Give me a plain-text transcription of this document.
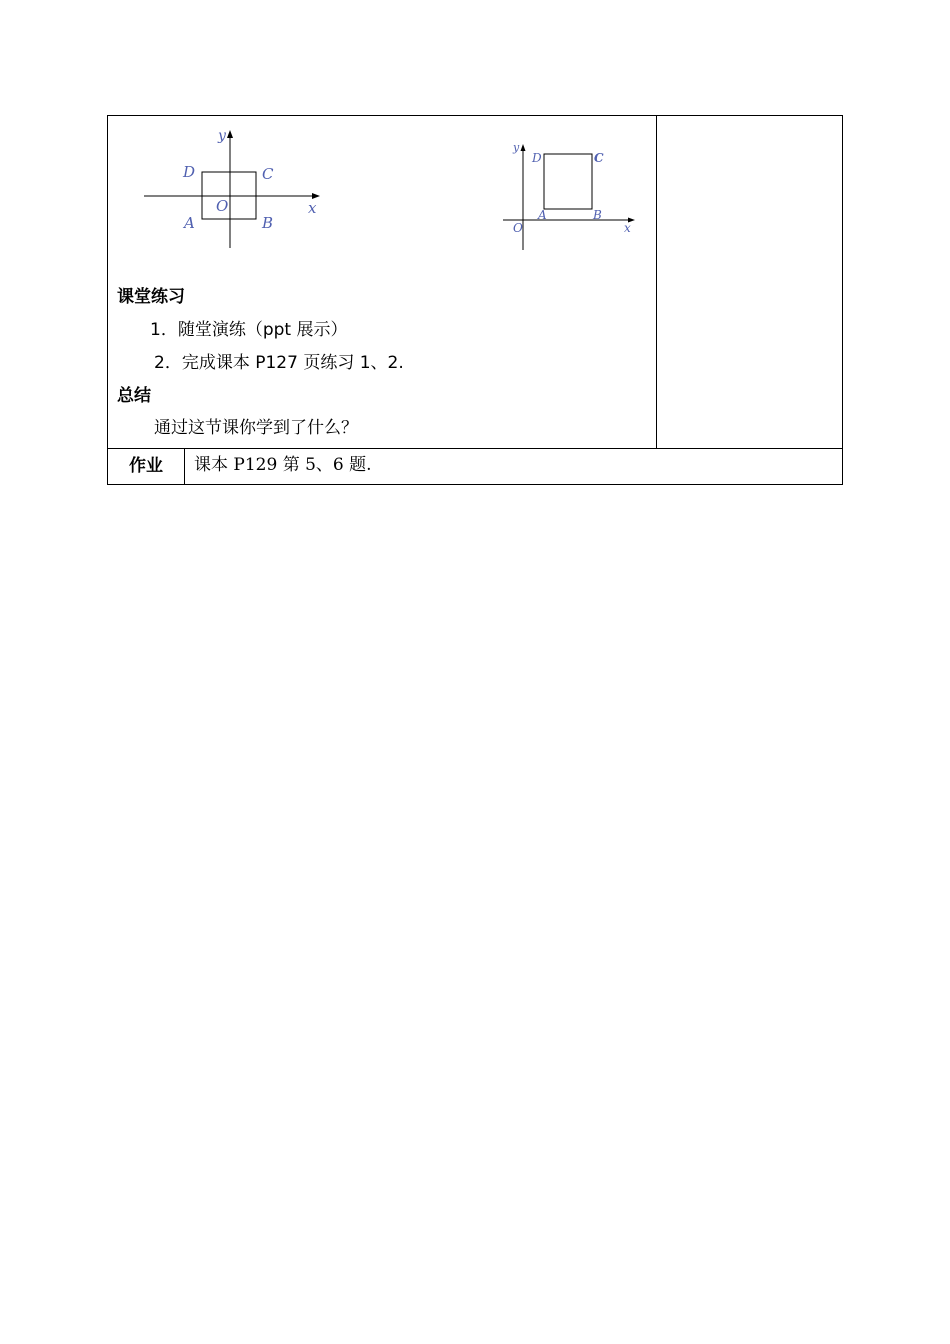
y
x
D	C
O
A	B
y
x
D	C
O
A	B
课堂练习
1．随堂演练（ppt 展示）
2．完成课本 P127 页练习 1、2.
总结
通过这节课你学到了什么？
作业	课本 P129 第 5、6 题.
